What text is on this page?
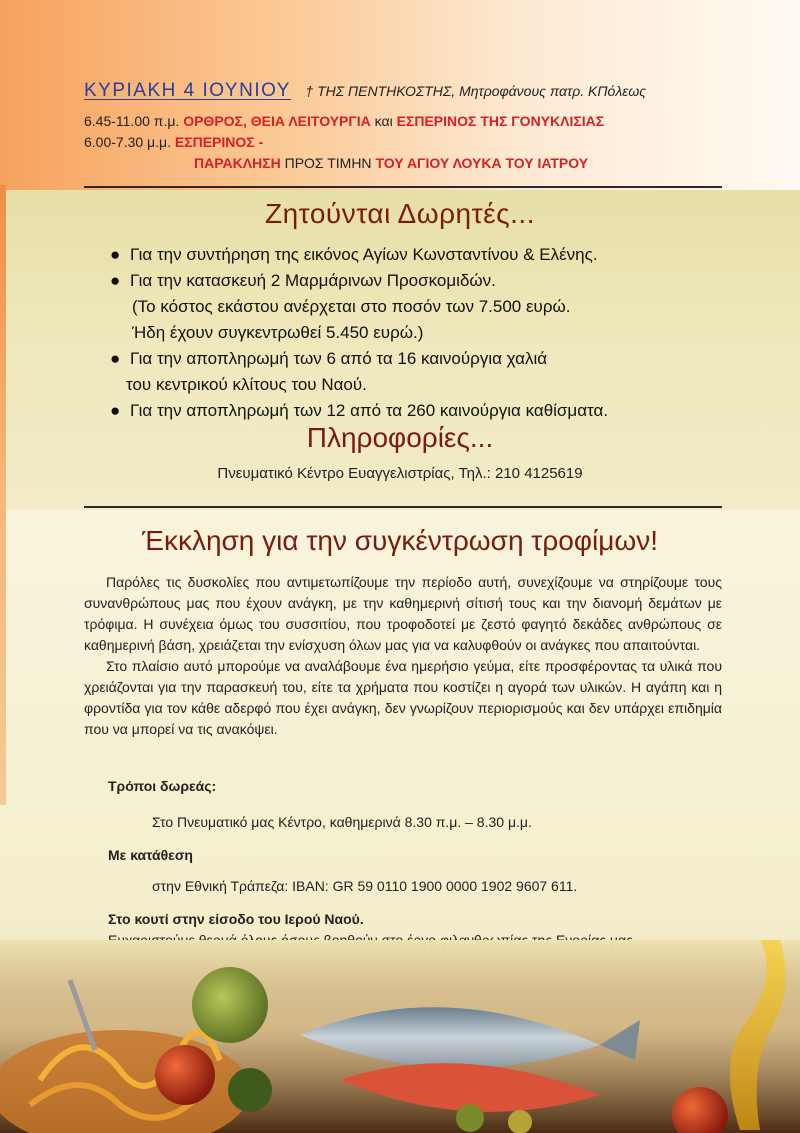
ΚΥΡΙΑΚΗ 4 ΙΟΥΝΙΟΥ † ΤΗΣ ΠΕΝΤΗΚΟΣΤΗΣ, Μητροφάνους πατρ. ΚΠόλεως
6.45-11.00 π.μ. ΟΡΘΡΟΣ, ΘΕΙΑ ΛΕΙΤΟΥΡΓΙΑ και ΕΣΠΕΡΙΝΟΣ ΤΗΣ ΓΟΝΥΚΛΙΣΙΑΣ
6.00-7.30 μ.μ. ΕΣΠΕΡΙΝΟΣ -
ΠΑΡΑΚΛΗΣΗ ΠΡΟΣ ΤΙΜΗΝ ΤΟΥ ΑΓΙΟΥ ΛΟΥΚΑ ΤΟΥ ΙΑΤΡΟΥ
Ζητούνται Δωρητές...
● Για την συντήρηση της εικόνος Αγίων Κωνσταντίνου & Ελένης.
● Για την κατασκευή 2 Μαρμάρινων Προσκομιδών.
(Το κόστος εκάστου ανέρχεται στο ποσόν των 7.500 ευρώ.
Ήδη έχουν συγκεντρωθεί 5.450 ευρώ.)
● Για την αποπληρωμή των 6 από τα 16 καινούργια χαλιά
του κεντρικού κλίτους του Ναού.
● Για την αποπληρωμή των 12 από τα 260 καινούργια καθίσματα.
Πληροφορίες...
Πνευματικό Κέντρο Ευαγγελιστρίας, Τηλ.: 210 4125619
Έκκληση για την συγκέντρωση τροφίμων!

Παρόλες τις δυσκολίες που αντιμετωπίζουμε την περίοδο αυτή, συνεχίζουμε να στηρίζουμε τους συνανθρώπους μας που έχουν ανάγκη, με την καθημερινή σίτισή τους και την διανομή δεμάτων με τρόφιμα. Η συνέχεια όμως του συσσιτίου, που τροφοδοτεί με ζεστό φαγητό δεκάδες ανθρώπους σε καθημερινή βάση, χρειάζεται την ενίσχυση όλων μας για να καλυφθούν οι ανάγκες που απαιτούνται.

Στο πλαίσιο αυτό μπορούμε να αναλάβουμε ένα ημερήσιο γεύμα, είτε προσφέροντας τα υλικά που χρειάζονται για την παρασκευή του, είτε τα χρήματα που κοστίζει η αγορά των υλικών. Η αγάπη και η φροντίδα για τον κάθε αδερφό που έχει ανάγκη, δεν γνωρίζουν περιορισμούς και δεν υπάρχει επιδημία που να μπορεί να τις ανακόψει.

Τρόποι δωρεάς:
Στο Πνευματικό μας Κέντρο, καθημερινά 8.30 π.μ. – 8.30 μ.μ.
Με κατάθεση
στην Εθνική Τράπεζα: IBAN: GR 59 0110 1900 0000 1902 9607 611.
Στο κουτί στην είσοδο του Ιερού Ναού.
